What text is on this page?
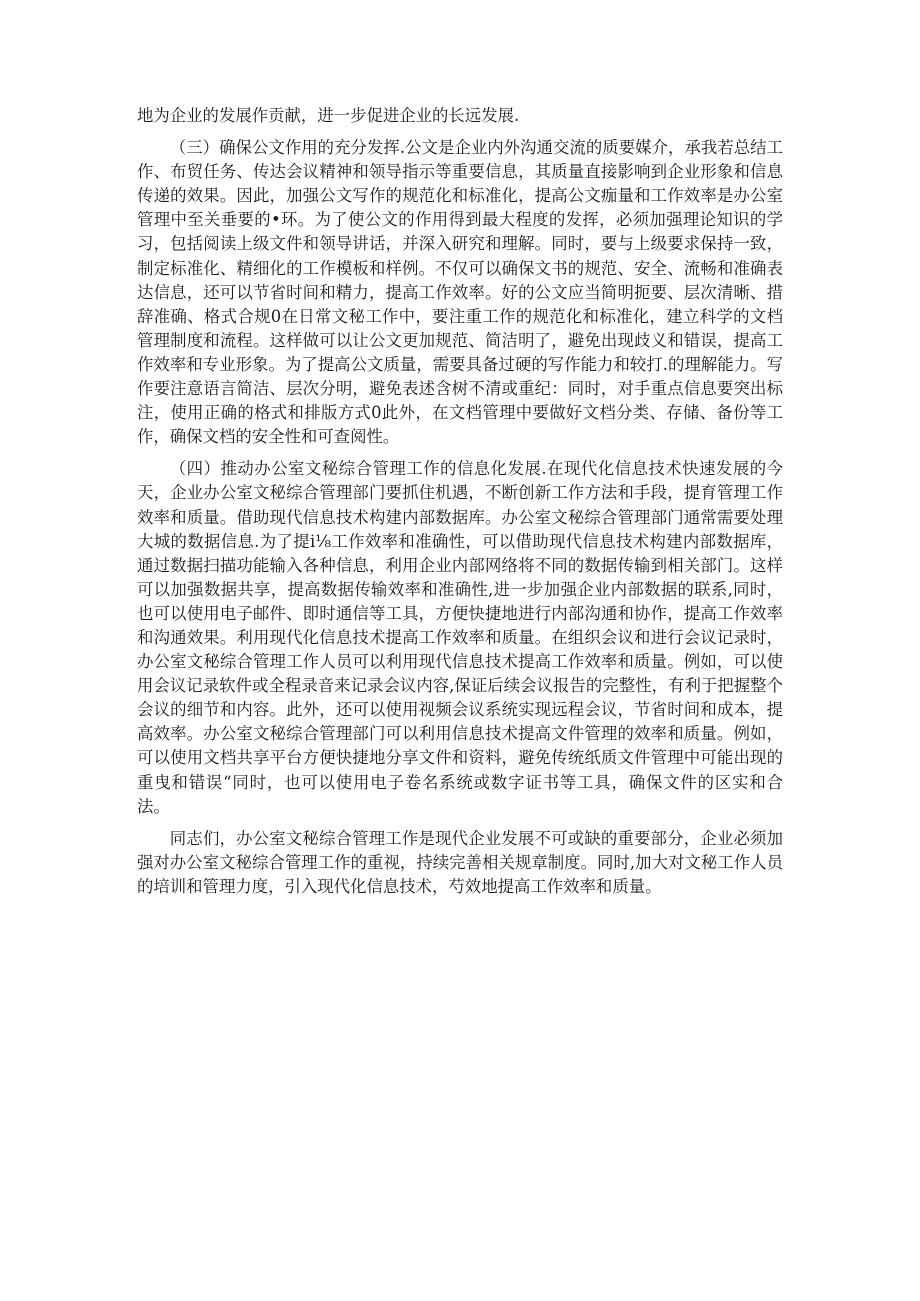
地为企业的发展作贡献，进一步促进企业的长远发展.

（三）确保公文作用的充分发挥.公文是企业内外沟通交流的质要媒介，承我若总结工作、布贸任务、传达会议精神和领导指示等重要信息，其质量直接影响到企业形象和信息传递的效果。因此，加强公文写作的规范化和标准化，提高公文痂量和工作效率是办公室管理中至关垂要的•环。为了使公文的作用得到最大程度的发挥，必须加强理论知识的学习，包括阅读上级文件和领导讲话，并深入研究和理解。同时，要与上级要求保持一致，制定标准化、精细化的工作模板和样例。不仅可以确保文书的规范、安全、流畅和准确表达信息，还可以节省时间和精力，提高工作效率。好的公文应当简明扼要、层次清晰、措辞准确、格式合规0在日常文秘工作中，要注重工作的规范化和标准化，建立科学的文档管理制度和流程。这样做可以让公文更加规范、简洁明了，避免出现歧义和错误，提高工作效率和专业形象。为了提高公文质量，需要具备过硬的写作能力和较打.的理解能力。写作要注意语言简洁、层次分明，避免表述含树不清或重纪：同时，对手重点信息要突出标注，使用正确的格式和排版方式0此外，在文档管理中要做好文档分类、存储、备份等工作，确保文档的安全性和可查阅性。

（四）推动办公室文秘综合管理工作的信息化发展.在现代化信息技术快速发展的今天，企业办公室文秘综合管理部门要抓住机遇，不断创新工作方法和手段，提育管理工作效率和质量。借助现代信息技术构建内部数据库。办公室文秘综合管理部门通常需要处理大城的数据信息.为了提i⅛工作效率和准确性，可以借助现代信息技术构建内部数据库，通过数据扫描功能输入各种信息，利用企业内部网络将不同的数据传输到相关部门。这样可以加强数据共享，提高数据传输效率和准确性,进一步加强企业内部数据的联系,同时，也可以使用电子邮件、即时通信等工具，方便快捷地进行内部沟通和协作，提高工作效率和沟通效果。利用现代化信息技术提高工作效率和质量。在组织会议和进行会议记录时，办公室文秘综合管理工作人员可以利用现代信息技术提高工作效率和质量。例如，可以使用会议记录软件或全程录音来记录会议内容,保证后续会议报告的完整性，有利于把握整个会议的细节和内容。此外，还可以使用视频会议系统实现远程会议，节省时间和成本，提高效率。办公室文秘综合管理部门可以利用信息技术提高文件管理的效率和质量。例如，可以使用文档共享平台方便快捷地分享文件和资料，避免传统纸质文件管理中可能出现的重曳和错误“同时，也可以使用电子卷名系统或数字证书等工具，确保文件的区实和合法。

同志们，办公室文秘综合管理工作是现代企业发展不可或缺的重要部分，企业必须加强对办公室文秘综合管理工作的重视，持续完善相关规章制度。同时,加大对文秘工作人员的培训和管理力度，引入现代化信息技术，芍效地提高工作效率和质量。
